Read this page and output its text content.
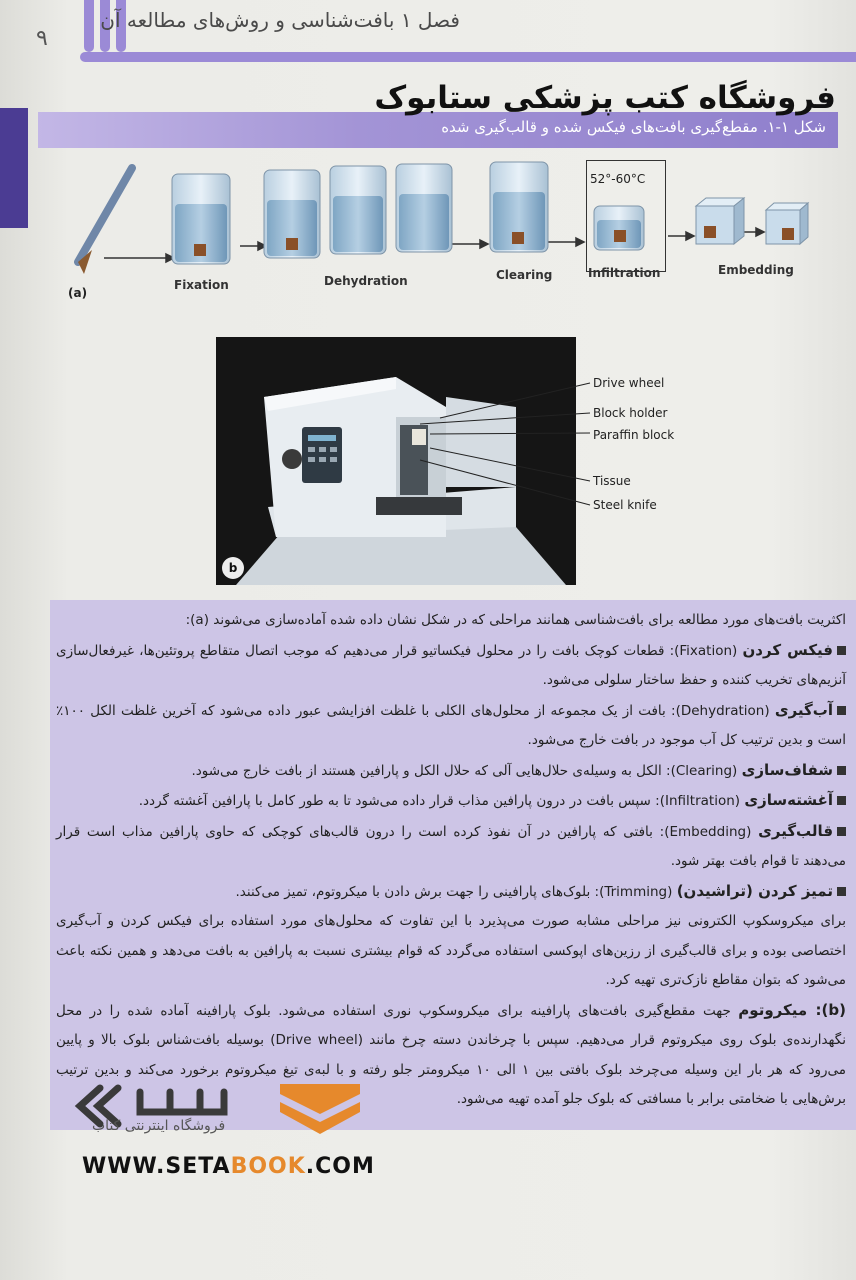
۹
فصل ۱ بافت‌شناسی و روش‌های مطالعه آن
شکل ۱-۱. مقطع‌گیری بافت‌های فیکس شده و قالب‌گیری شده
فروشگاه کتب پزشکی ستابوک
52°-60°C
(a)
Fixation	Dehydration	Clearing	Infiltration	Embedding
b
Drive wheel
Block holder
Paraffin block
Tissue
Steel knife

اکثریت بافت‌های مورد مطالعه برای بافت‌شناسی همانند مراحلی که در شکل نشان داده شده آماده‌سازی می‌شوند (a):

فیکس کردن (Fixation): قطعات کوچک بافت را در محلول فیکساتیو قرار می‌دهیم که موجب اتصال متقاطع پروتئین‌ها، غیرفعال‌سازی آنزیم‌های تخریب کننده و حفظ ساختار سلولی می‌شود.

آب‌گیری (Dehydration): بافت از یک مجموعه از محلول‌های الکلی با غلظت افزایشی عبور داده می‌شود که آخرین غلظت الکل ۱۰۰٪ است و بدین ترتیب کل آب موجود در بافت خارج می‌شود.

شفاف‌سازی (Clearing): الکل به وسیله‌ی حلال‌هایی آلی که حلال الکل و پارافین هستند از بافت خارج می‌شود.

آغشته‌سازی (Infiltration): سپس بافت در درون پارافین مذاب قرار داده می‌شود تا به طور کامل با پارافین آغشته گردد.

قالب‌گیری (Embedding): بافتی که پارافین در آن نفوذ کرده است را درون قالب‌های کوچکی که حاوی پارافین مذاب است قرار می‌دهند تا قوام بافت بهتر شود.

تمیز کردن (تراشیدن) (Trimming): بلوک‌های پارافینی را جهت برش دادن با میکروتوم، تمیز می‌کنند.

برای میکروسکوپ الکترونی نیز مراحلی مشابه صورت می‌پذیرد با این تفاوت که محلول‌های مورد استفاده برای فیکس کردن و آب‌گیری اختصاصی بوده و برای قالب‌گیری از رزین‌های اپوکسی استفاده می‌گردد که قوام بیشتری نسبت به پارافین به بافت می‌دهد و همین نکته باعث می‌شود که بتوان مقاطع نازک‌تری تهیه کرد.

(b): میکروتوم جهت مقطع‌گیری بافت‌های پارافینه برای میکروسکوپ نوری استفاده می‌شود. بلوک پارافینه آماده شده را در محل نگهدارنده‌ی بلوک روی میکروتوم قرار می‌دهیم. سپس با چرخاندن دسته چرخ مانند (Drive wheel) بوسیله بافت‌شناس بلوک بالا و پایین می‌رود که هر بار این وسیله می‌چرخد بلوک بافتی بین ۱ الی ۱۰ میکرومتر جلو رفته و با لبه‌ی تیغ میکروتوم برخورد می‌کند و بدین ترتیب برش‌هایی با ضخامتی برابر با مسافتی که بلوک جلو آمده تهیه می‌شود.

فروشگاه اینترنتی کتاب
WWW.SETABOOK.COM
